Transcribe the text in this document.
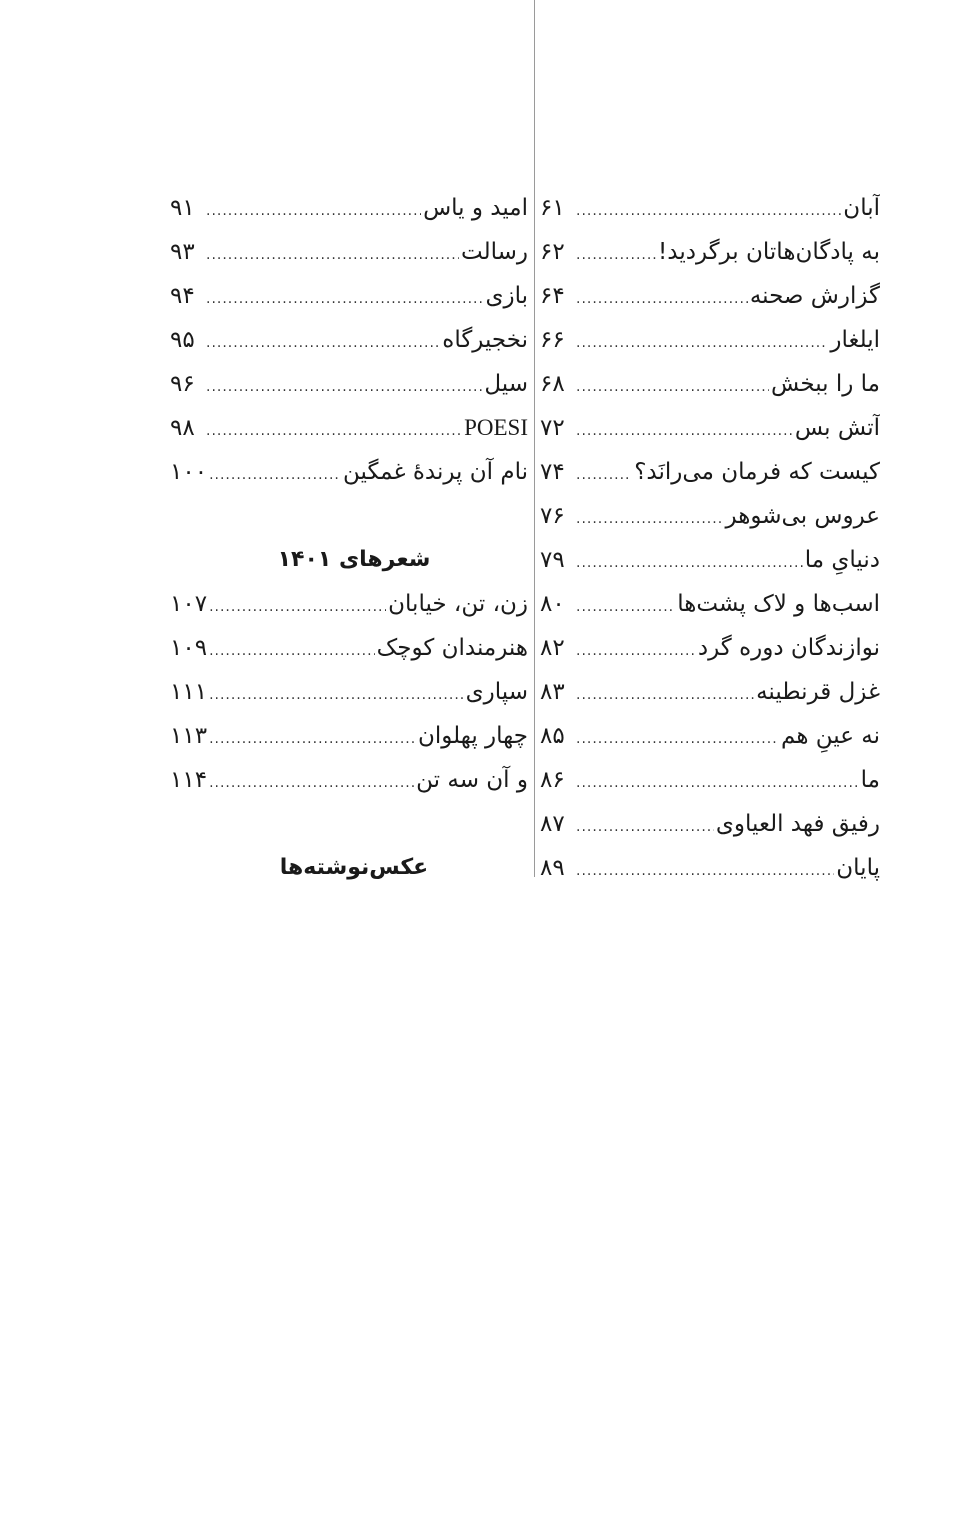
آبان
.....
۶۱
به پادگان‌هاتان برگردید!
.....
۶۲
گزارش صحنه
.....
۶۴
ایلغار
.....
۶۶
ما را ببخش
.....
۶۸
آتش بس
.....
۷۲
کیست که فرمان می‌رانَد؟
.....
۷۴
عروس بی‌شوهر
.....
۷۶
دنیایِ ما
.....
۷۹
اسب‌ها و لاک پشت‌ها
.....
۸۰
نوازندگان دوره گرد
.....
۸۲
غزل قرنطینه
.....
۸۳
نه عینِ هم
.....
۸۵
ما
.....
۸۶
رفیق فهد العیاوی
.....
۸۷
پایان
.....
۸۹
امید و یاس
.....
۹۱
رسالت
.....
۹۳
بازی
.....
۹۴
نخجیرگاه
.....
۹۵
سیل
.....
۹۶
POESI
.....
۹۸
نام آن پرندهٔ غمگین
.....
۱۰۰
شعرهای ۱۴۰۱
زن، تن، خیابان
.....
۱۰۷
هنرمندان کوچک
.....
۱۰۹
سپاری
.....
۱۱۱
چهار پهلوان
.....
۱۱۳
و آن سه تن
.....
۱۱۴
عکس‌نوشته‌ها
